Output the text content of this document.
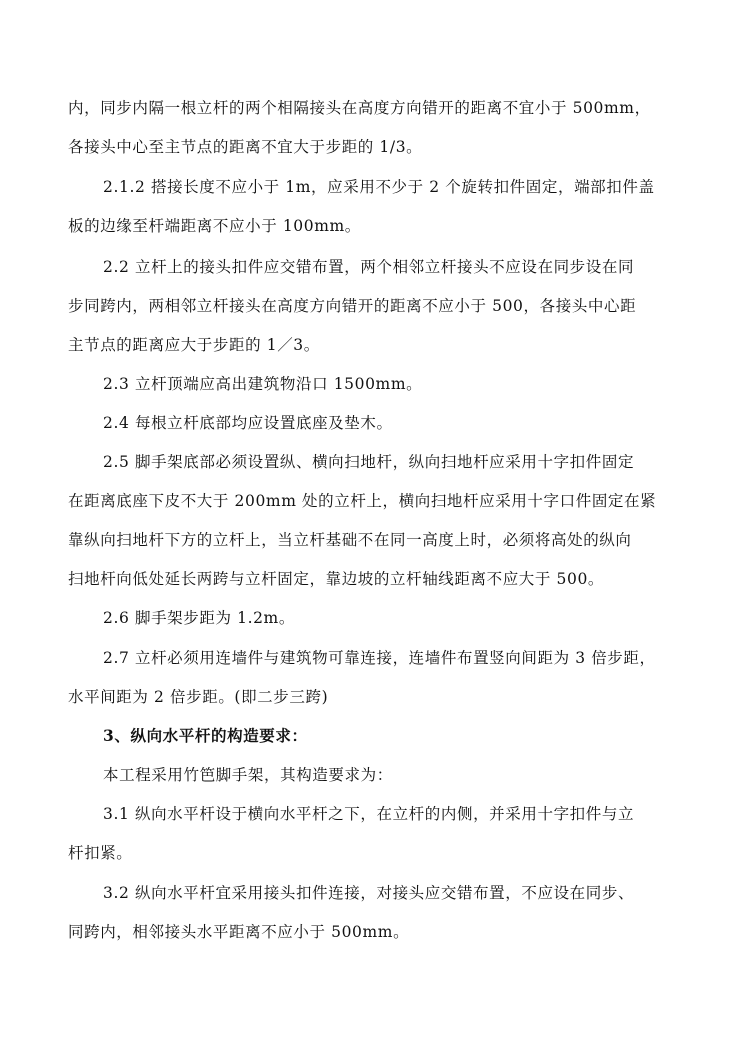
内，同步内隔一根立杆的两个相隔接头在高度方向错开的距离不宜小于 500mm，
各接头中心至主节点的距离不宜大于步距的 1/3。
2.1.2 搭接长度不应小于 1m，应采用不少于 2 个旋转扣件固定，端部扣件盖
板的边缘至杆端距离不应小于 100mm。
2.2 立杆上的接头扣件应交错布置，两个相邻立杆接头不应设在同步设在同
步同跨内，两相邻立杆接头在高度方向错开的距离不应小于 500，各接头中心距
主节点的距离应大于步距的 1／3。
2.3 立杆顶端应高出建筑物沿口 1500mm。
2.4 每根立杆底部均应设置底座及垫木。
2.5 脚手架底部必须设置纵、横向扫地杆，纵向扫地杆应采用十字扣件固定
在距离底座下皮不大于 200mm 处的立杆上，横向扫地杆应采用十字口件固定在紧
靠纵向扫地杆下方的立杆上，当立杆基础不在同一高度上时，必须将高处的纵向
扫地杆向低处延长两跨与立杆固定，靠边坡的立杆轴线距离不应大于 500。
2.6 脚手架步距为 1.2m。
2.7 立杆必须用连墙件与建筑物可靠连接，连墙件布置竖向间距为 3 倍步距，
水平间距为 2 倍步距。(即二步三跨)
3、纵向水平杆的构造要求：
本工程采用竹笆脚手架，其构造要求为：
3.1 纵向水平杆设于横向水平杆之下，在立杆的内侧，并采用十字扣件与立
杆扣紧。
3.2 纵向水平杆宜采用接头扣件连接，对接头应交错布置，不应设在同步、
同跨内，相邻接头水平距离不应小于 500mm。
